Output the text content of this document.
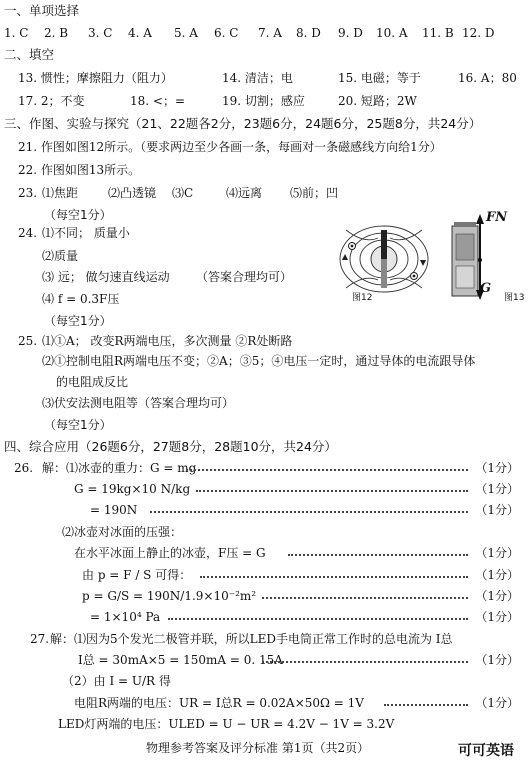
一、单项选择
1. C 2. B 3. C 4. A 5. A 6. C 7. A 8. D 9. D 10. A 11. B 12. D
二、填空
13. 惯性；摩擦阻力（阻力）	14. 清洁；电	15. 电磁；等于	16. A；80
17. 2；不变	18. <；=	19. 切割；感应	20. 短路；2W
三、作图、实验与探究（21、22题各2分，23题6分，24题6分，25题8分，共24分）
21. 作图如图12所示。（要求两边至少各画一条，每画对一条磁感线方向给1分）
22. 作图如图13所示。
23. ⑴焦距 ⑵凸透镜 ⑶C	⑷远离 ⑸前；凹
（每空1分）
24. ⑴不同； 质量小
⑵质量
⑶ 远； 做匀速直线运动 （答案合理均可）
⑷ f = 0.3F压
（每空1分）
图12
FN
G
图13
25. ⑴①A； 改变R两端电压，多次测量 ②R处断路
⑵①控制电阻R两端电压不变；②A；③5；④电压一定时，通过导体的电流跟导体
的电阻成反比
⑶伏安法测电阻等（答案合理均可）
（每空1分）
四、综合应用（26题6分，27题8分，28题10分，共24分）
26. 解：⑴冰壶的重力：G = mg	（1分）
G = 19kg×10 N/kg	（1分）
= 190N	（1分）
⑵冰壶对冰面的压强：
在水平冰面上静止的冰壶，F压 = G	（1分）
由 p = F / S 可得：	（1分）
p = G/S = 190N/1.9×10⁻²m²	（1分）
= 1×10⁴ Pa	（1分）
27. 解：⑴因为5个发光二极管并联，所以LED手电筒正常工作时的总电流为 I总
I总 = 30mA×5 = 150mA = 0. 15A	（1分）
（2）由 I = U/R 得
电阻R两端的电压：UR = I总R = 0.02A×50Ω = 1V	（1分）
LED灯两端的电压：ULED = U − UR = 4.2V − 1V = 3.2V
物理参考答案及评分标准 第1页（共2页）	可可英语
